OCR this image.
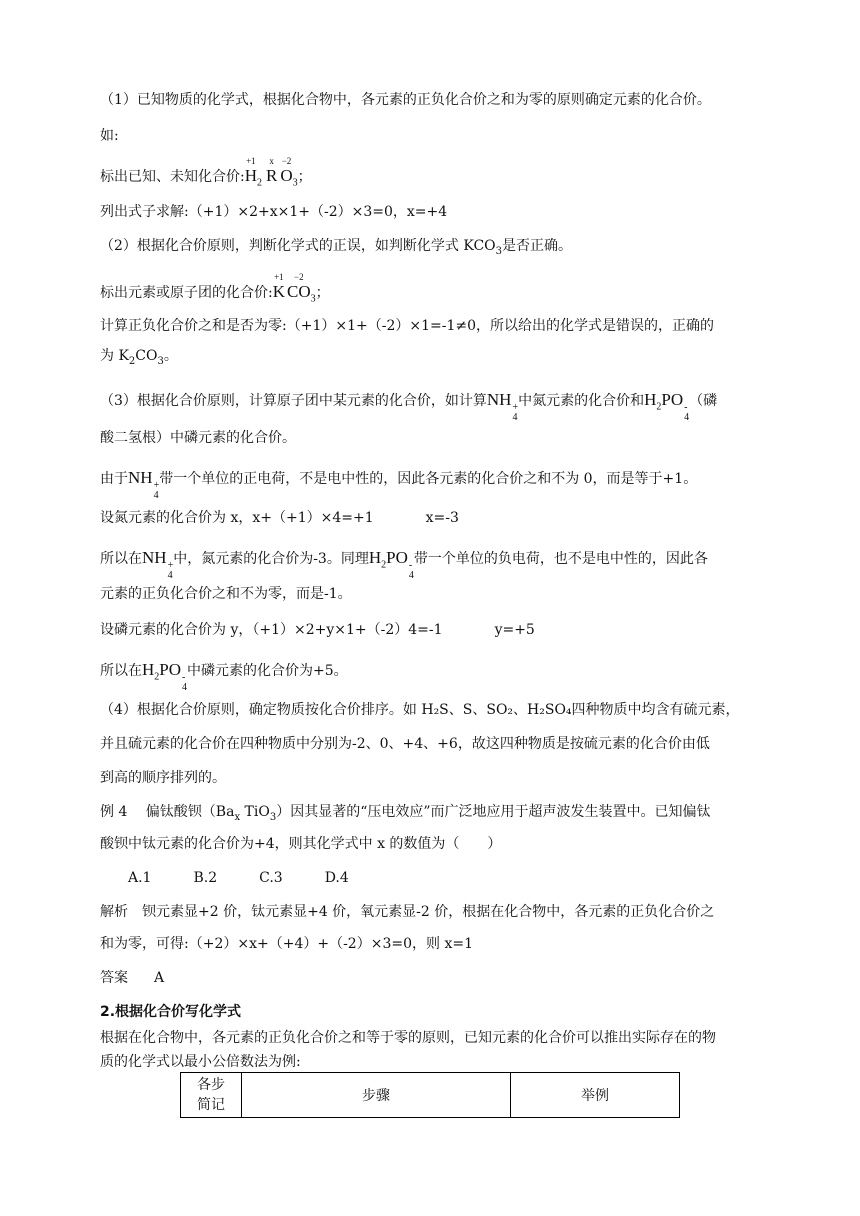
（1）已知物质的化学式，根据化合物中，各元素的正负化合价之和为零的原则确定元素的化合价。
如:
标出已知、未知化合价:
+1
$H_2$
x
R
−2
$O_3$；
列出式子求解:（+1）×2+x×1+（-2）×3=0，x=+4
（2）根据化合价原则，判断化学式的正误，如判断化学式 $KCO_3$是否正确。
标出元素或原子团的化合价:
+1
K
−2
$CO_3$；
计算正负化合价之和是否为零:（+1）×1+（-2）×1=-1≠0，所以给出的化学式是错误的，正确的
为 $K_2CO_3$。
（3）根据化合价原则，计算原子团中某元素的化合价，如计算NH +
4
中氮元素的化合价和$H_2PO$ -
4
（磷
酸二氢根）中磷元素的化合价。
由于NH +
4
带一个单位的正电荷，不是电中性的，因此各元素的化合价之和不为 0，而是等于+1。
设氮元素的化合价为 x，x+（+1）×4=+1	x=-3
所以在NH +
4
中，氮元素的化合价为-3。同理$H_2PO$ -
4
带一个单位的负电荷，也不是电中性的，因此各
元素的正负化合价之和不为零，而是-1。
设磷元素的化合价为 y，（+1）×2+y×1+（-2）4=-1	y=+5
所以在$H_2PO$ -
4
中磷元素的化合价为+5。
（4）根据化合价原则，确定物质按化合价排序。如 H₂S、S、SO₂、H₂SO₄四种物质中均含有硫元素，
并且硫元素的化合价在四种物质中分别为-2、0、+4、+6，故这四种物质是按硫元素的化合价由低
到高的顺序排列的。
例 4　 偏钛酸钡（$Ba_x$ TiO$_3$）因其显著的“压电效应”而广泛地应用于超声波发生装置中。已知偏钛
酸钡中钛元素的化合价为+4，则其化学式中 x 的数值为（　　）
A.1	B.2	C.3	D.4
解析　钡元素显+2 价，钛元素显+4 价，氧元素显-2 价，根据在化合物中，各元素的正负化合价之
和为零，可得:（+2）×x+（+4）+（-2）×3=0，则 x=1
答案 A
2.根据化合价写化学式
根据在化合物中，各元素的正负化合价之和等于零的原则，已知元素的化合价可以推出实际存在的物
质的化学式以最小公倍数法为例:
各步
简记	步骤	举例
